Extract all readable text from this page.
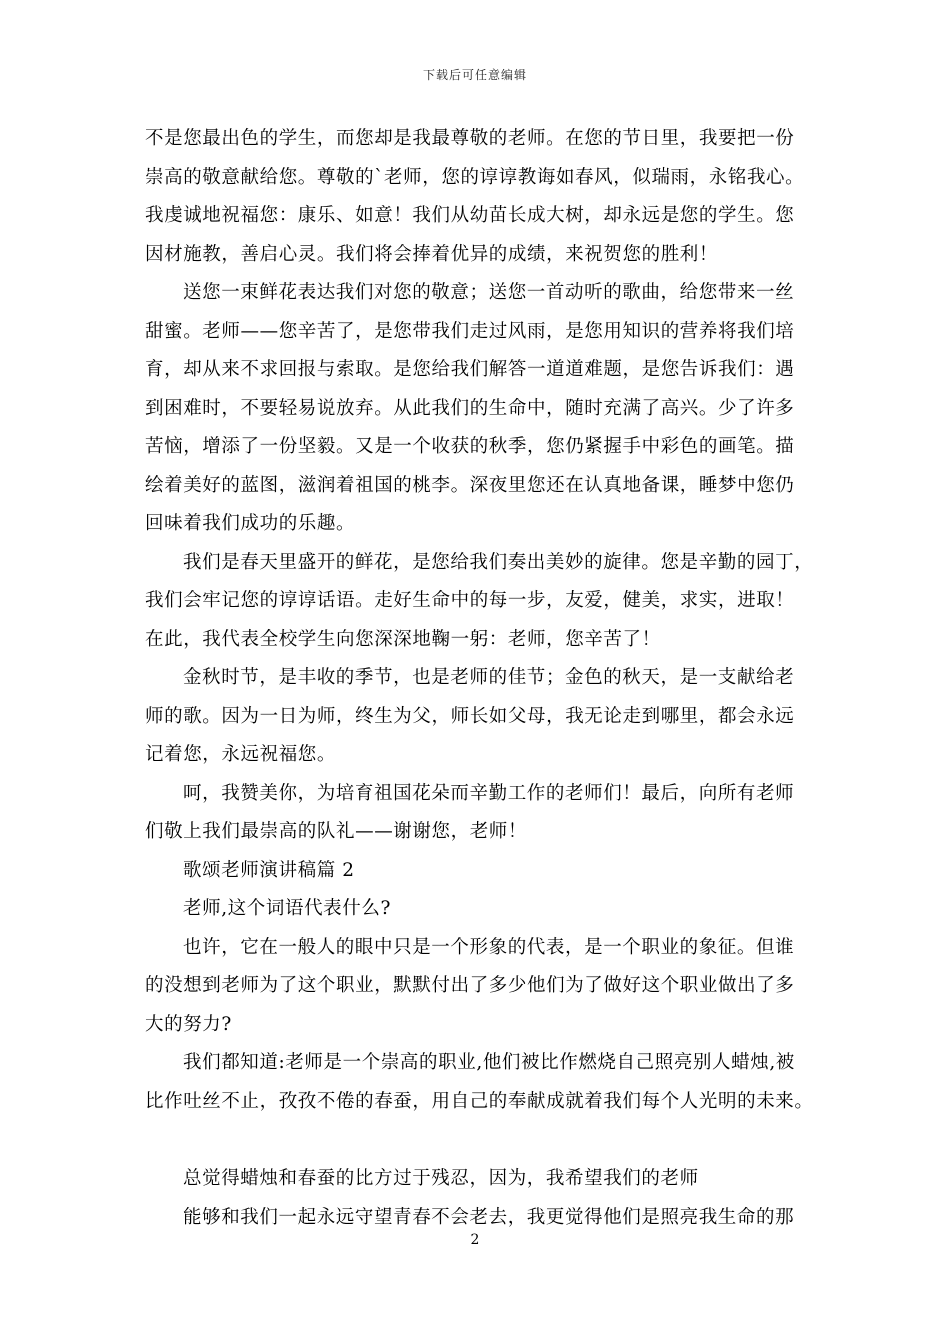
下载后可任意编辑
不是您最出色的学生，而您却是我最尊敬的老师。在您的节日里，我要把一份
崇高的敬意献给您。尊敬的`老师，您的谆谆教诲如春风，似瑞雨，永铭我心。
我虔诚地祝福您：康乐、如意！我们从幼苗长成大树，却永远是您的学生。您
因材施教，善启心灵。我们将会捧着优异的成绩，来祝贺您的胜利！
送您一束鲜花表达我们对您的敬意；送您一首动听的歌曲，给您带来一丝
甜蜜。老师——您辛苦了，是您带我们走过风雨，是您用知识的营养将我们培
育，却从来不求回报与索取。是您给我们解答一道道难题，是您告诉我们：遇
到困难时，不要轻易说放弃。从此我们的生命中，随时充满了高兴。少了许多
苦恼，增添了一份坚毅。又是一个收获的秋季，您仍紧握手中彩色的画笔。描
绘着美好的蓝图，滋润着祖国的桃李。深夜里您还在认真地备课，睡梦中您仍
回味着我们成功的乐趣。
我们是春天里盛开的鲜花，是您给我们奏出美妙的旋律。您是辛勤的园丁，
我们会牢记您的谆谆话语。走好生命中的每一步，友爱，健美，求实，进取！
在此，我代表全校学生向您深深地鞠一躬：老师，您辛苦了！
金秋时节，是丰收的季节，也是老师的佳节；金色的秋天，是一支献给老
师的歌。因为一日为师，终生为父，师长如父母，我无论走到哪里，都会永远
记着您，永远祝福您。
呵，我赞美你，为培育祖国花朵而辛勤工作的老师们！最后，向所有老师
们敬上我们最崇高的队礼——谢谢您，老师！
歌颂老师演讲稿篇 2
老师,这个词语代表什么?
也许，它在一般人的眼中只是一个形象的代表，是一个职业的象征。但谁
的没想到老师为了这个职业，默默付出了多少他们为了做好这个职业做出了多
大的努力?
我们都知道:老师是一个崇高的职业,他们被比作燃烧自己照亮别人蜡烛,被
比作吐丝不止，孜孜不倦的春蚕，用自己的奉献成就着我们每个人光明的未来。
总觉得蜡烛和春蚕的比方过于残忍，因为，我希望我们的老师
能够和我们一起永远守望青春不会老去，我更觉得他们是照亮我生命的那
2
